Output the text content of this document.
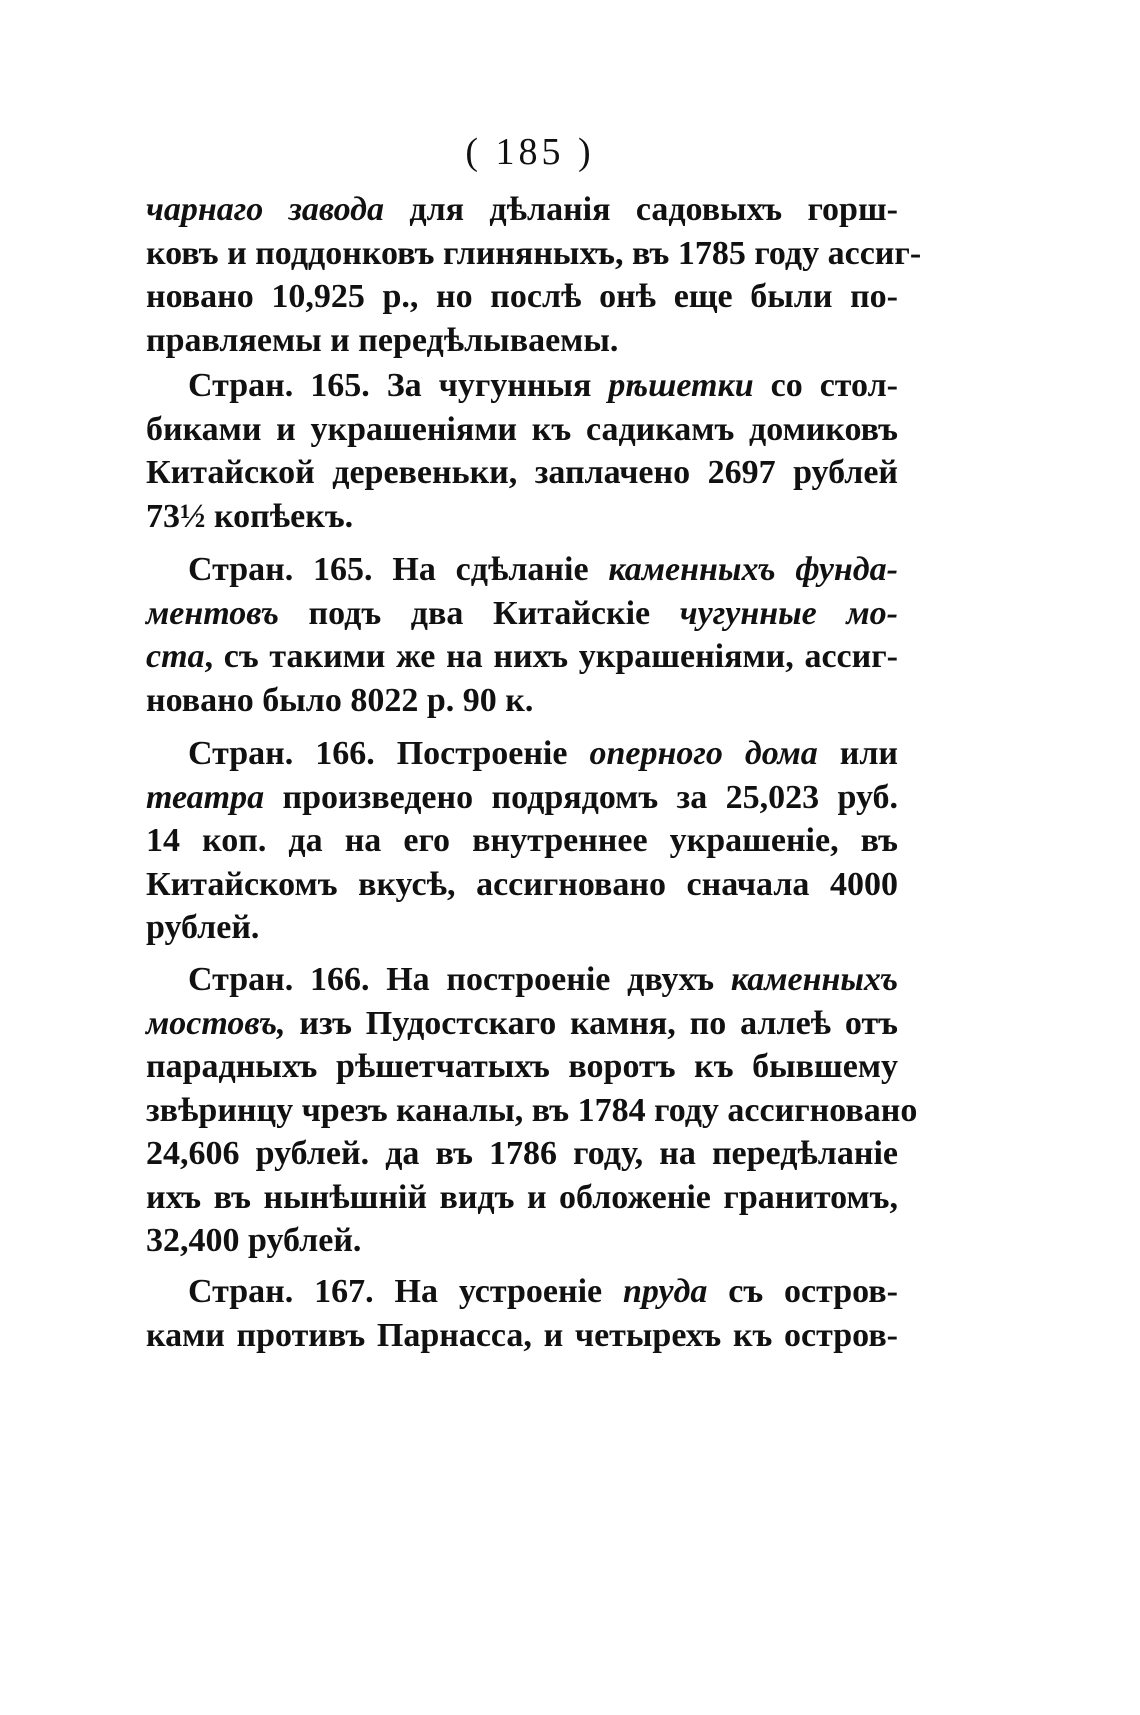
( 185 )
чарнаго завода для дѣланія садовыхъ горш-
ковъ и поддонковъ глиняныхъ, въ 1785 году ассиг-
новано 10,925 р., но послѣ онѣ еще были по-
правляемы и передѣлываемы.
Стран. 165. За чугунныя рѣшетки со стол-
биками и украшеніями къ садикамъ домиковъ
Китайской деревеньки, заплачено 2697 рублей
73½ копѣекъ.
Стран. 165. На сдѣланіе каменныхъ фунда-
ментовъ подъ два Китайскіе чугунные мо-
ста, съ такими же на нихъ украшеніями, ассиг-
новано было 8022 р. 90 к.
Стран. 166. Построеніе оперного дома или
театра произведено подрядомъ за 25,023 руб.
14 коп. да на его внутреннее украшеніе, въ
Китайскомъ вкусѣ, ассигновано сначала 4000
рублей.
Стран. 166. На построеніе двухъ каменныхъ
мостовъ, изъ Пудостскаго камня, по аллеѣ отъ
парадныхъ рѣшетчатыхъ воротъ къ бывшему
звѣринцу чрезъ каналы, въ 1784 году ассигновано
24,606 рублей. да въ 1786 году, на передѣланіе
ихъ въ нынѣшній видъ и обложеніе гранитомъ,
32,400 рублей.
Стран. 167. На устроеніе пруда съ остров-
ками противъ Парнасса, и четырехъ къ остров-
